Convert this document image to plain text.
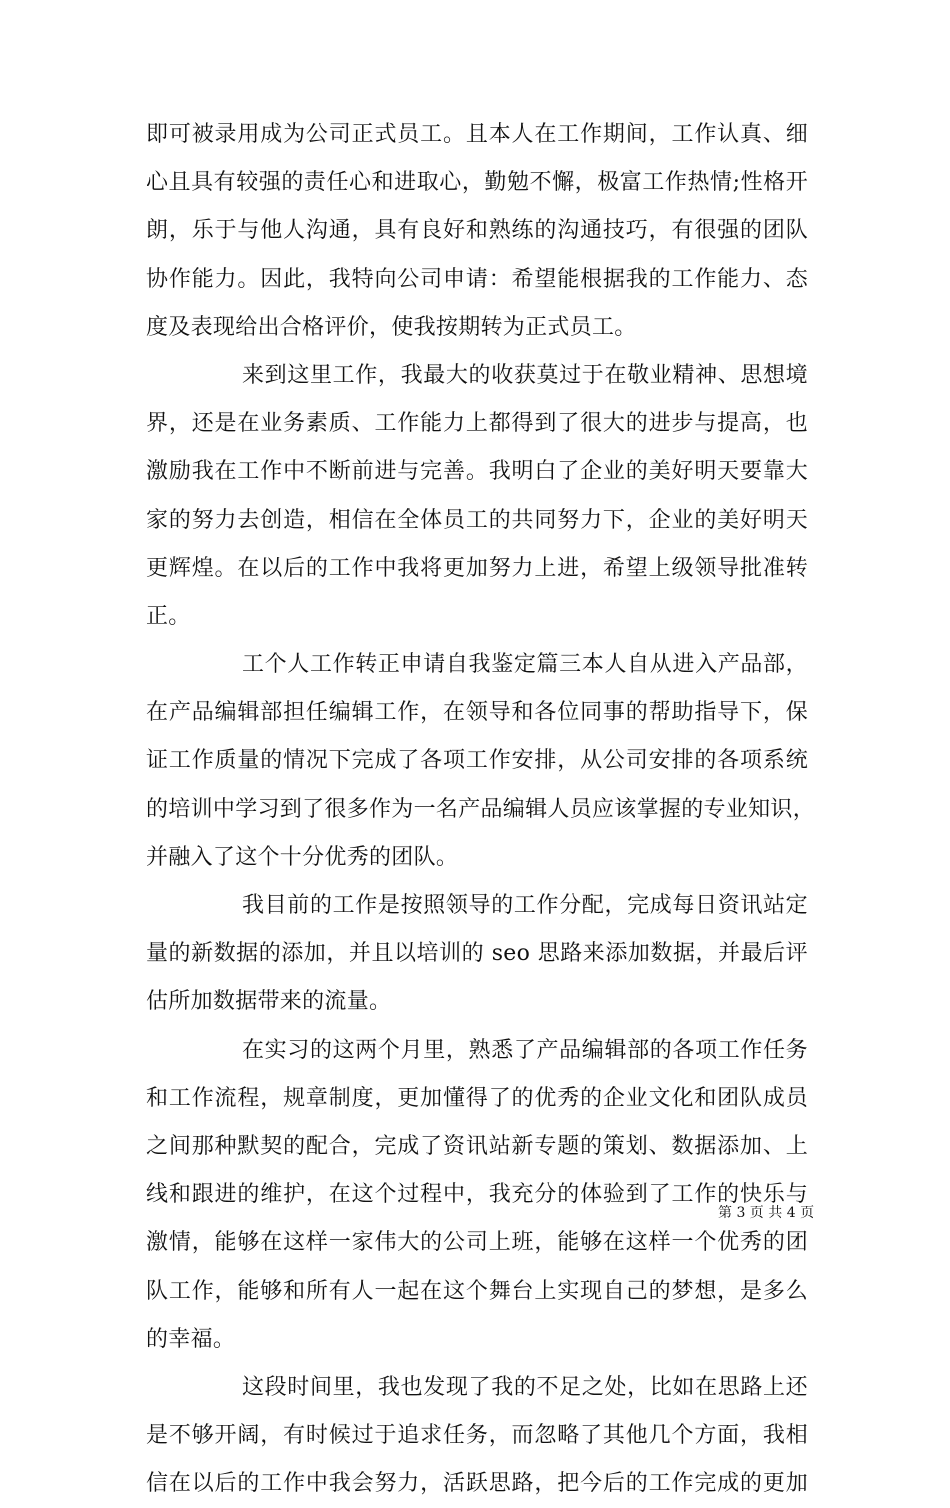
即可被录用成为公司正式员工。且本人在工作期间，工作认真、细
心且具有较强的责任心和进取心，勤勉不懈，极富工作热情;性格开
朗，乐于与他人沟通，具有良好和熟练的沟通技巧，有很强的团队
协作能力。因此，我特向公司申请：希望能根据我的工作能力、态
度及表现给出合格评价，使我按期转为正式员工。

来到这里工作，我最大的收获莫过于在敬业精神、思想境
界，还是在业务素质、工作能力上都得到了很大的进步与提高，也
激励我在工作中不断前进与完善。我明白了企业的美好明天要靠大
家的努力去创造，相信在全体员工的共同努力下，企业的美好明天
更辉煌。在以后的工作中我将更加努力上进，希望上级领导批准转
正。

工个人工作转正申请自我鉴定篇三本人自从进入产品部，
在产品编辑部担任编辑工作，在领导和各位同事的帮助指导下，保
证工作质量的情况下完成了各项工作安排，从公司安排的各项系统
的培训中学习到了很多作为一名产品编辑人员应该掌握的专业知识，
并融入了这个十分优秀的团队。

我目前的工作是按照领导的工作分配，完成每日资讯站定
量的新数据的添加，并且以培训的 seo 思路来添加数据，并最后评
估所加数据带来的流量。

在实习的这两个月里，熟悉了产品编辑部的各项工作任务
和工作流程，规章制度，更加懂得了的优秀的企业文化和团队成员
之间那种默契的配合，完成了资讯站新专题的策划、数据添加、上
线和跟进的维护，在这个过程中，我充分的体验到了工作的快乐与
激情，能够在这样一家伟大的公司上班，能够在这样一个优秀的团
队工作，能够和所有人一起在这个舞台上实现自己的梦想，是多么
的幸福。

这段时间里，我也发现了我的不足之处，比如在思路上还
是不够开阔，有时候过于追求任务，而忽略了其他几个方面，我相
信在以后的工作中我会努力，活跃思路，把今后的工作完成的更加

第 3 页 共 4 页
